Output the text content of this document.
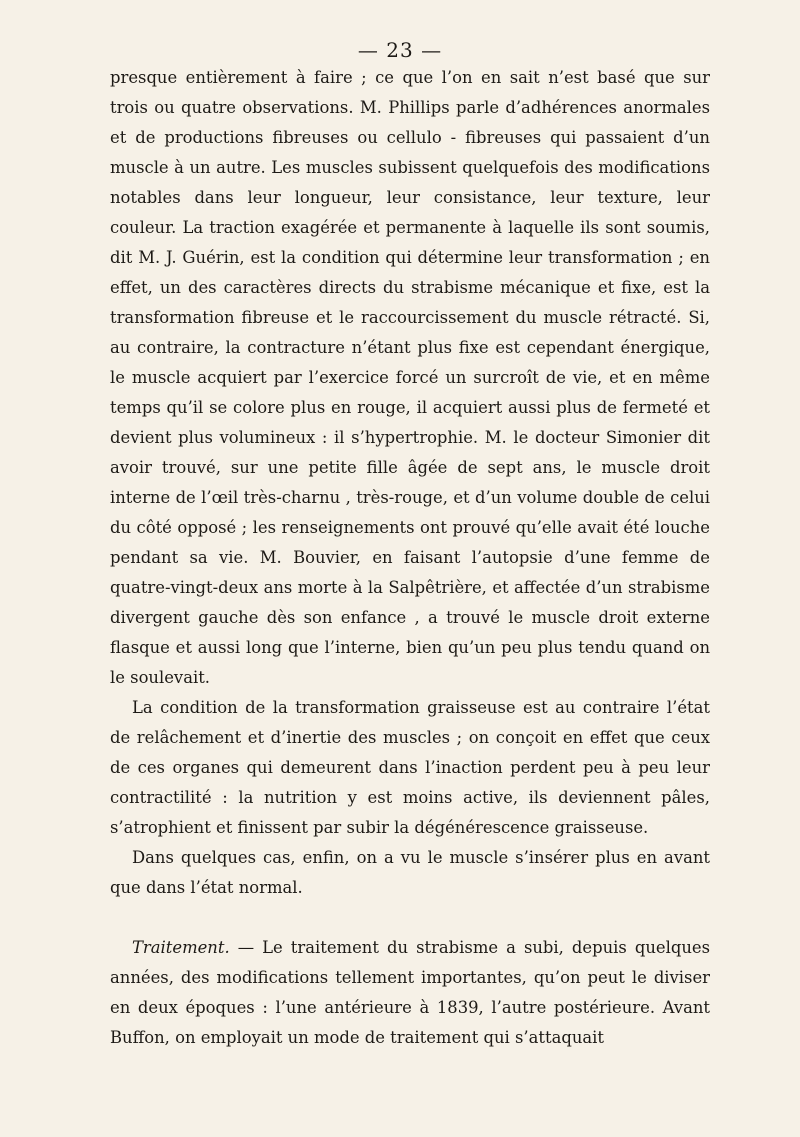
— 23 —

presque entièrement à faire ; ce que l’on en sait n’est basé que sur trois ou quatre observations. M. Phillips parle d’adhérences anormales et de productions fibreuses ou cellulo - fibreuses qui passaient d’un muscle à un autre. Les muscles subissent quelquefois des modifications notables dans leur longueur, leur consistance, leur texture, leur couleur. La traction exagérée et permanente à laquelle ils sont soumis, dit M. J. Guérin, est la condition qui détermine leur transformation ; en effet, un des caractères directs du strabisme mécanique et fixe, est la transformation fibreuse et le raccourcissement du muscle rétracté. Si, au contraire, la contracture n’étant plus fixe est cependant énergique, le muscle acquiert par l’exercice forcé un surcroît de vie, et en même temps qu’il se colore plus en rouge, il acquiert aussi plus de fermeté et devient plus volumineux : il s’hypertrophie. M. le docteur Simonier dit avoir trouvé, sur une petite fille âgée de sept ans, le muscle droit interne de l’œil très-charnu , très-rouge, et d’un volume double de celui du côté opposé ; les renseignements ont prouvé qu’elle avait été louche pendant sa vie. M. Bouvier, en faisant l’autopsie d’une femme de quatre-vingt-deux ans morte à la Salpêtrière, et affectée d’un strabisme divergent gauche dès son enfance , a trouvé le muscle droit externe flasque et aussi long que l’interne, bien qu’un peu plus tendu quand on le soulevait.

La condition de la transformation graisseuse est au contraire l’état de relâchement et d’inertie des muscles ; on conçoit en effet que ceux de ces organes qui demeurent dans l’inaction perdent peu à peu leur contractilité : la nutrition y est moins active, ils deviennent pâles, s’atrophient et finissent par subir la dégénérescence graisseuse.

Dans quelques cas, enfin, on a vu le muscle s’insérer plus en avant que dans l’état normal.

Traitement. — Le traitement du strabisme a subi, depuis quelques années, des modifications tellement importantes, qu’on peut le diviser en deux époques : l’une antérieure à 1839, l’autre postérieure. Avant Buffon, on employait un mode de traitement qui s’attaquait
